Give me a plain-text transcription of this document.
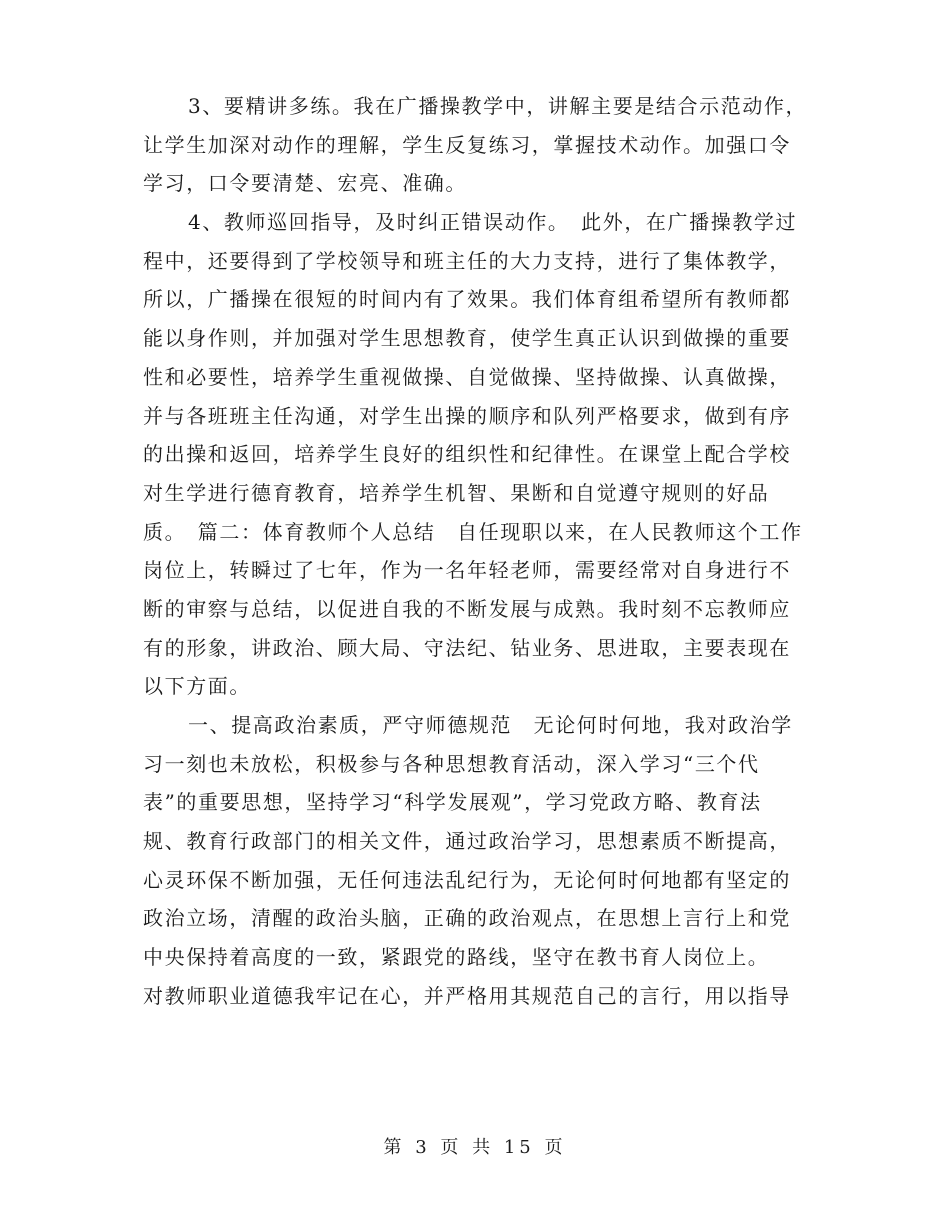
3、要精讲多练。我在广播操教学中，讲解主要是结合示范动作，
让学生加深对动作的理解，学生反复练习，掌握技术动作。加强口令
学习，口令要清楚、宏亮、准确。
4、教师巡回指导，及时纠正错误动作。　此外，在广播操教学过
程中，还要得到了学校领导和班主任的大力支持，进行了集体教学，
所以，广播操在很短的时间内有了效果。我们体育组希望所有教师都
能以身作则，并加强对学生思想教育，使学生真正认识到做操的重要
性和必要性，培养学生重视做操、自觉做操、坚持做操、认真做操，
并与各班班主任沟通，对学生出操的顺序和队列严格要求，做到有序
的出操和返回，培养学生良好的组织性和纪律性。在课堂上配合学校
对生学进行德育教育，培养学生机智、果断和自觉遵守规则的好品
质。　篇二：体育教师个人总结　自任现职以来，在人民教师这个工作
岗位上，转瞬过了七年，作为一名年轻老师，需要经常对自身进行不
断的审察与总结，以促进自我的不断发展与成熟。我时刻不忘教师应
有的形象，讲政治、顾大局、守法纪、钻业务、思进取，主要表现在
以下方面。
一、提高政治素质，严守师德规范　无论何时何地，我对政治学
习一刻也未放松，积极参与各种思想教育活动，深入学习“三个代
表”的重要思想，坚持学习“科学发展观”，学习党政方略、教育法
规、教育行政部门的相关文件，通过政治学习，思想素质不断提高，
心灵环保不断加强，无任何违法乱纪行为，无论何时何地都有坚定的
政治立场，清醒的政治头脑，正确的政治观点，在思想上言行上和党
中央保持着高度的一致，紧跟党的路线，坚守在教书育人岗位上。
对教师职业道德我牢记在心，并严格用其规范自己的言行，用以指导
第 3 页 共 15 页
